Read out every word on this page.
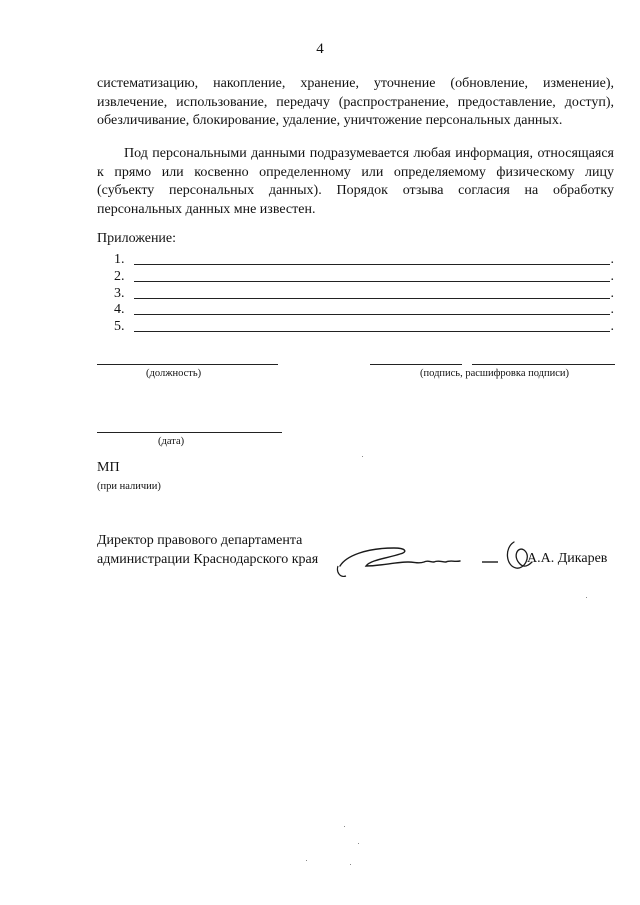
4

систематизацию, накопление, хранение, уточнение (обновление, изменение), извлечение, использование, передачу (распространение, предоставление, доступ), обезличивание, блокирование, удаление, уничтожение персональных данных.

Под персональными данными подразумевается любая информация, относящаяся к прямо или косвенно определенному или определяемому физическому лицу (субъекту персональных данных). Порядок отзыва согласия на обработку персональных данных мне известен.

Приложение:
1.	.
2.	.
3.	.
4.	.
5.	.
(должность)	(подпись, расшифровка подписи)
(дата)
МП
(при наличии)
Директор правового департамента
администрации Краснодарского края	А.А. Дикарев
